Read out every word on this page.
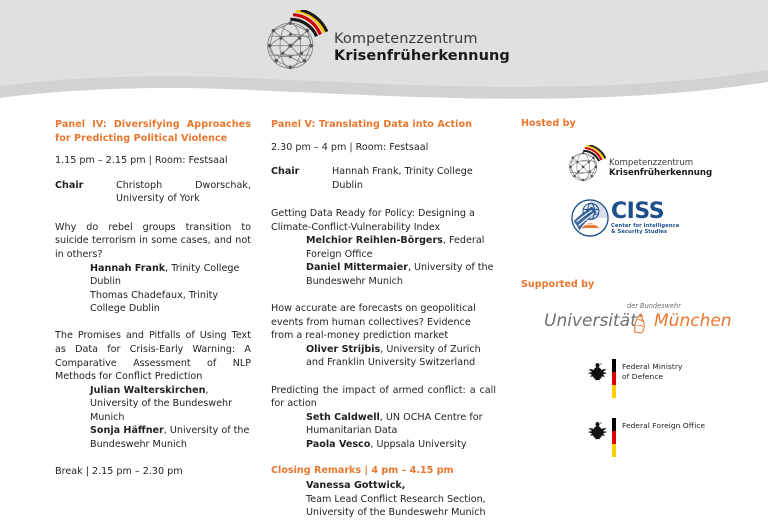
Kompetenzzentrum
Krisenfrüherkennung

Panel IV: Diversifying Approaches for Predicting Political Violence

1.15 pm – 2.15 pm | Room: Festsaal

Chair	Christoph Dworschak, University of York

Why do rebel groups transition to suicide terrorism in some cases, and not in others?

Hannah Frank, Trinity College Dublin
Thomas Chadefaux, Trinity College Dublin

The Promises and Pitfalls of Using Text as Data for Crisis-Early Warning: A Comparative Assessment of NLP Methods for Conflict Prediction

Julian Walterskirchen, University of the Bundeswehr Munich
Sonja Häffner, University of the Bundeswehr Munich

Break | 2.15 pm – 2.30 pm

Panel V: Translating Data into Action

2.30 pm – 4 pm | Room: Festsaal

Chair	Hannah Frank, Trinity College Dublin

Getting Data Ready for Policy: Designing a Climate-Conflict-Vulnerability Index

Melchior Reihlen-Börgers, Federal Foreign Office
Daniel Mittermaier, University of the Bundeswehr Munich

How accurate are forecasts on geopolitical events from human collectives? Evidence from a real-money prediction market

Oliver Strijbis, University of Zurich and Franklin University Switzerland

Predicting the impact of armed conflict: a call for action

Seth Caldwell, UN OCHA Centre for Humanitarian Data
Paola Vesco, Uppsala University

Closing Remarks | 4 pm – 4.15 pm

Vanessa Gottwick,
Team Lead Conflict Research Section,
University of the Bundeswehr Munich

Hosted by

Kompetenzzentrum
Krisenfrüherkennung
CISS
Center for Intelligence
& Security Studies

Supported by

der Bundeswehr
Universität München
Federal Ministry
of Defence
Federal Foreign Office
